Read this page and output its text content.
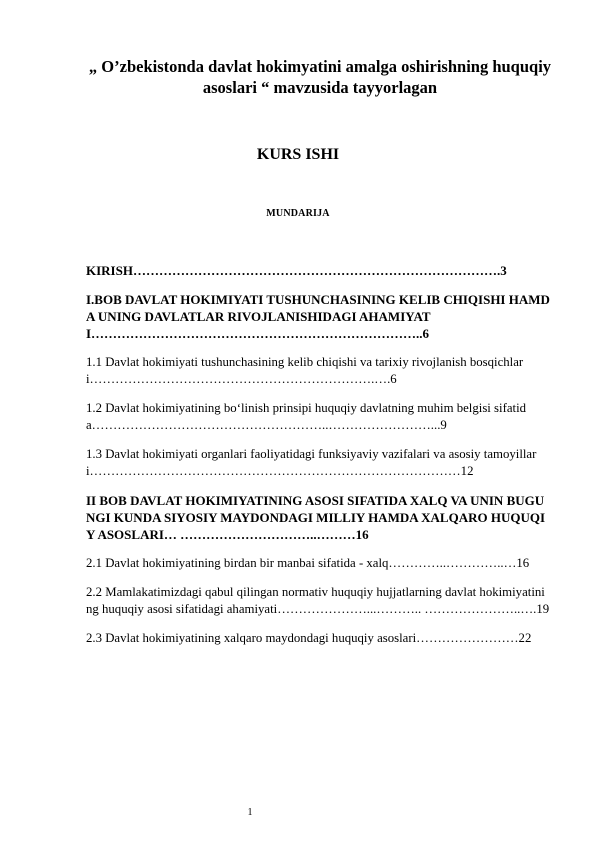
„ O’zbekistonda davlat hokimyatini amalga oshirishning huquqiy asoslari “ mavzusida tayyorlagan
KURS ISHI
MUNDARIJA

KIRISH………………………………………………………………………….3

I.BOB DAVLAT HOKIMIYATI TUSHUNCHASINING KELIB CHIQISHI HAMDA UNING DAVLATLAR RIVOJLANISHIDAGI AHAMIYATI…………………………………………………………………..6

1.1 Davlat hokimiyati tushunchasining kelib chiqishi va tarixiy rivojlanish bosqichlari………………………………………………………….….6

1.2 Davlat hokimiyatining bo‘linish prinsipi huquqiy davlatning muhim belgisi sifatida………………………………………………..……………………...9

1.3 Davlat hokimiyati organlari faoliyatidagi funksiyaviy vazifalari va asosiy tamoyillari……………………………………………………………………………12

II BOB DAVLAT HOKIMIYATINING ASOSI SIFATIDA XALQ VA UNIN BUGUNGI KUNDA SIYOSIY MAYDONDAGI MILLIY HAMDA XALQARO HUQUQIY ASOSLARI… …………………………..………16

2.1 Davlat hokimiyatining birdan bir manbai sifatida - xalq…………..…………..…16

2.2 Mamlakatimizdagi qabul qilingan normativ huquqiy hujjatlarning davlat hokimiyatining huquqiy asosi sifatidagi ahamiyati…………………...……….. …………………..….19

2.3 Davlat hokimiyatining xalqaro maydondagi huquqiy asoslari……………………22

1
